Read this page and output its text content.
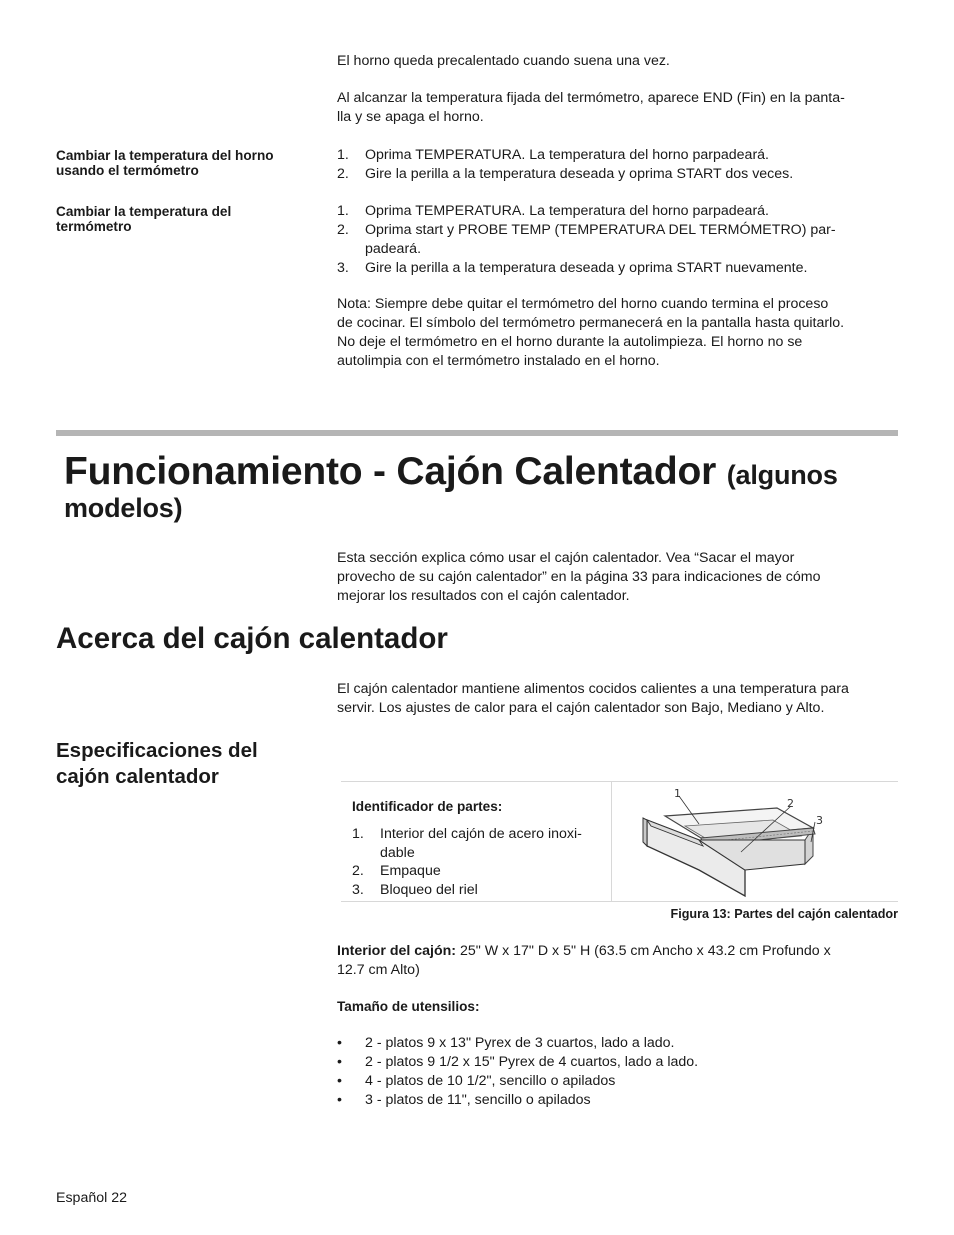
El horno queda precalentado cuando suena una vez.

Al alcanzar la temperatura fijada del termómetro, aparece END (Fin) en la panta-
lla y se apaga el horno.
Cambiar la temperatura del horno
usando el termómetro
1. Oprima TEMPERATURA. La temperatura del horno parpadeará.
2. Gire la perilla a la temperatura deseada y oprima START dos veces.
Cambiar la temperatura del
termómetro
1. Oprima TEMPERATURA. La temperatura del horno parpadeará.
2. Oprima start y PROBE TEMP (TEMPERATURA DEL TERMÓMETRO) par-
padeará.
3. Gire la perilla a la temperatura deseada y oprima START nuevamente.
Nota: Siempre debe quitar el termómetro del horno cuando termina el proceso
de cocinar. El símbolo del termómetro permanecerá en la pantalla hasta quitarlo.
No deje el termómetro en el horno durante la autolimpieza. El horno no se
autolimpia con el termómetro instalado en el horno.
Funcionamiento - Cajón Calentador (algunos
modelos)
Esta sección explica cómo usar el cajón calentador. Vea “Sacar el mayor
provecho de su cajón calentador” en la página 33 para indicaciones de cómo
mejorar los resultados con el cajón calentador.
Acerca del cajón calentador
El cajón calentador mantiene alimentos cocidos calientes a una temperatura para
servir. Los ajustes de calor para el cajón calentador son Bajo, Mediano y Alto.
Especificaciones del
cajón calentador
Identificador de partes:
1. Interior del cajón de acero inoxi-
dable
2. Empaque
3. Bloqueo del riel
1
2
3
Figura 13: Partes del cajón calentador
Interior del cajón: 25" W x 17" D x 5" H (63.5 cm Ancho x 43.2 cm Profundo x
12.7 cm Alto)
Tamaño de utensilios:
• 2 - platos 9 x 13" Pyrex de 3 cuartos, lado a lado.
• 2 - platos 9 1/2 x 15" Pyrex de 4 cuartos, lado a lado.
• 4 - platos de 10 1/2", sencillo o apilados
• 3 - platos de 11", sencillo o apilados
Español 22
